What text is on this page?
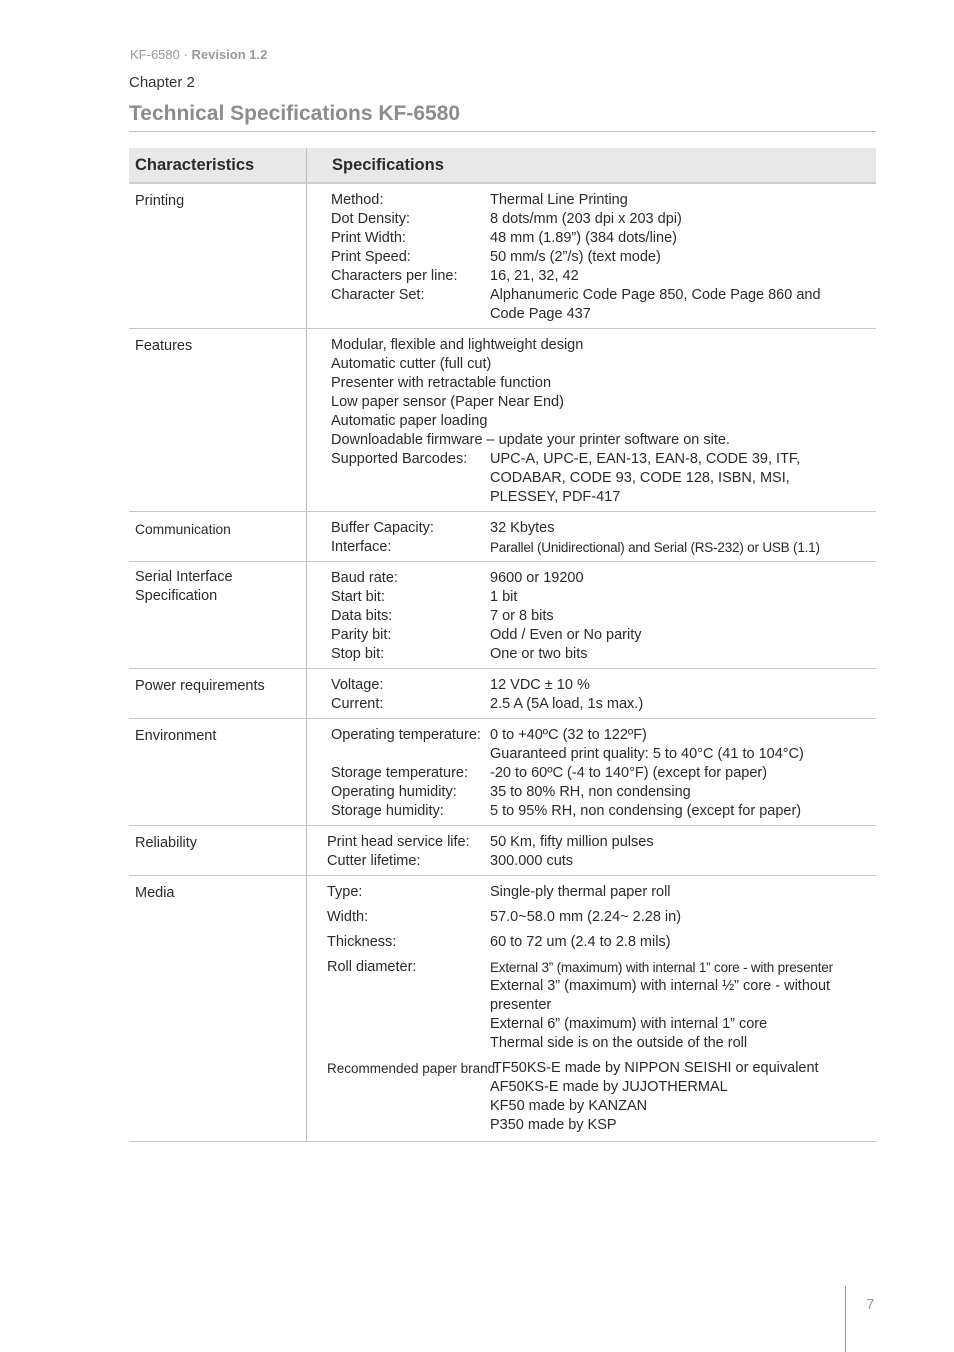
KF-6580 · Revision 1.2
Chapter 2
Technical Specifications KF-6580
Characteristics	Specifications
Printing	Method:	Thermal Line Printing
Dot Density:	8 dots/mm (203 dpi x 203 dpi)
Print Width:	48 mm (1.89”) (384 dots/line)
Print Speed:	50 mm/s (2”/s) (text mode)
Characters per line:	16, 21, 32, 42
Character Set:	Alphanumeric Code Page 850, Code Page 860 and
Code Page 437
Features	Modular, flexible and lightweight design
Automatic cutter (full cut)
Presenter with retractable function
Low paper sensor (Paper Near End)
Automatic paper loading
Downloadable firmware – update your printer software on site.
Supported Barcodes:	UPC-A, UPC-E, EAN-13, EAN-8, CODE 39, ITF,
CODABAR, CODE 93, CODE 128, ISBN, MSI,
PLESSEY, PDF-417
Communication	Buffer Capacity:	32 Kbytes
Interface:	Parallel (Unidirectional) and Serial (RS-232) or USB (1.1)
Serial Interface
Specification
Baud rate:	9600 or 19200
Start bit:	1 bit
Data bits:	7 or 8 bits
Parity bit:	Odd / Even or No parity
Stop bit:	One or two bits
Power requirements	Voltage:	12 VDC ± 10 %
Current:	2.5 A (5A load, 1s max.)
Environment	Operating temperature: 0 to +40ºC (32 to 122ºF)
Guaranteed print quality: 5 to 40°C (41 to 104°C)
Storage temperature:	-20 to 60ºC (-4 to 140°F) (except for paper)
Operating humidity:	35 to 80% RH, non condensing
Storage humidity:	5 to 95% RH, non condensing (except for paper)
Reliability	Print head service life:	50 Km, fifty million pulses
Cutter lifetime:	300.000 cuts
Media	Type:	Single-ply thermal paper roll
Width:	57.0~58.0 mm (2.24~ 2.28 in)
Thickness:	60 to 72 um (2.4 to 2.8 mils)
Roll diameter:	External 3” (maximum) with internal 1” core - with presenter
External 3” (maximum) with internal ½” core - without
presenter
External 6” (maximum) with internal 1” core
Thermal side is on the outside of the roll
Recommended paper brand:
TF50KS-E made by NIPPON SEISHI or equivalent
AF50KS-E made by JUJOTHERMAL
KF50 made by KANZAN
P350 made by KSP
7
